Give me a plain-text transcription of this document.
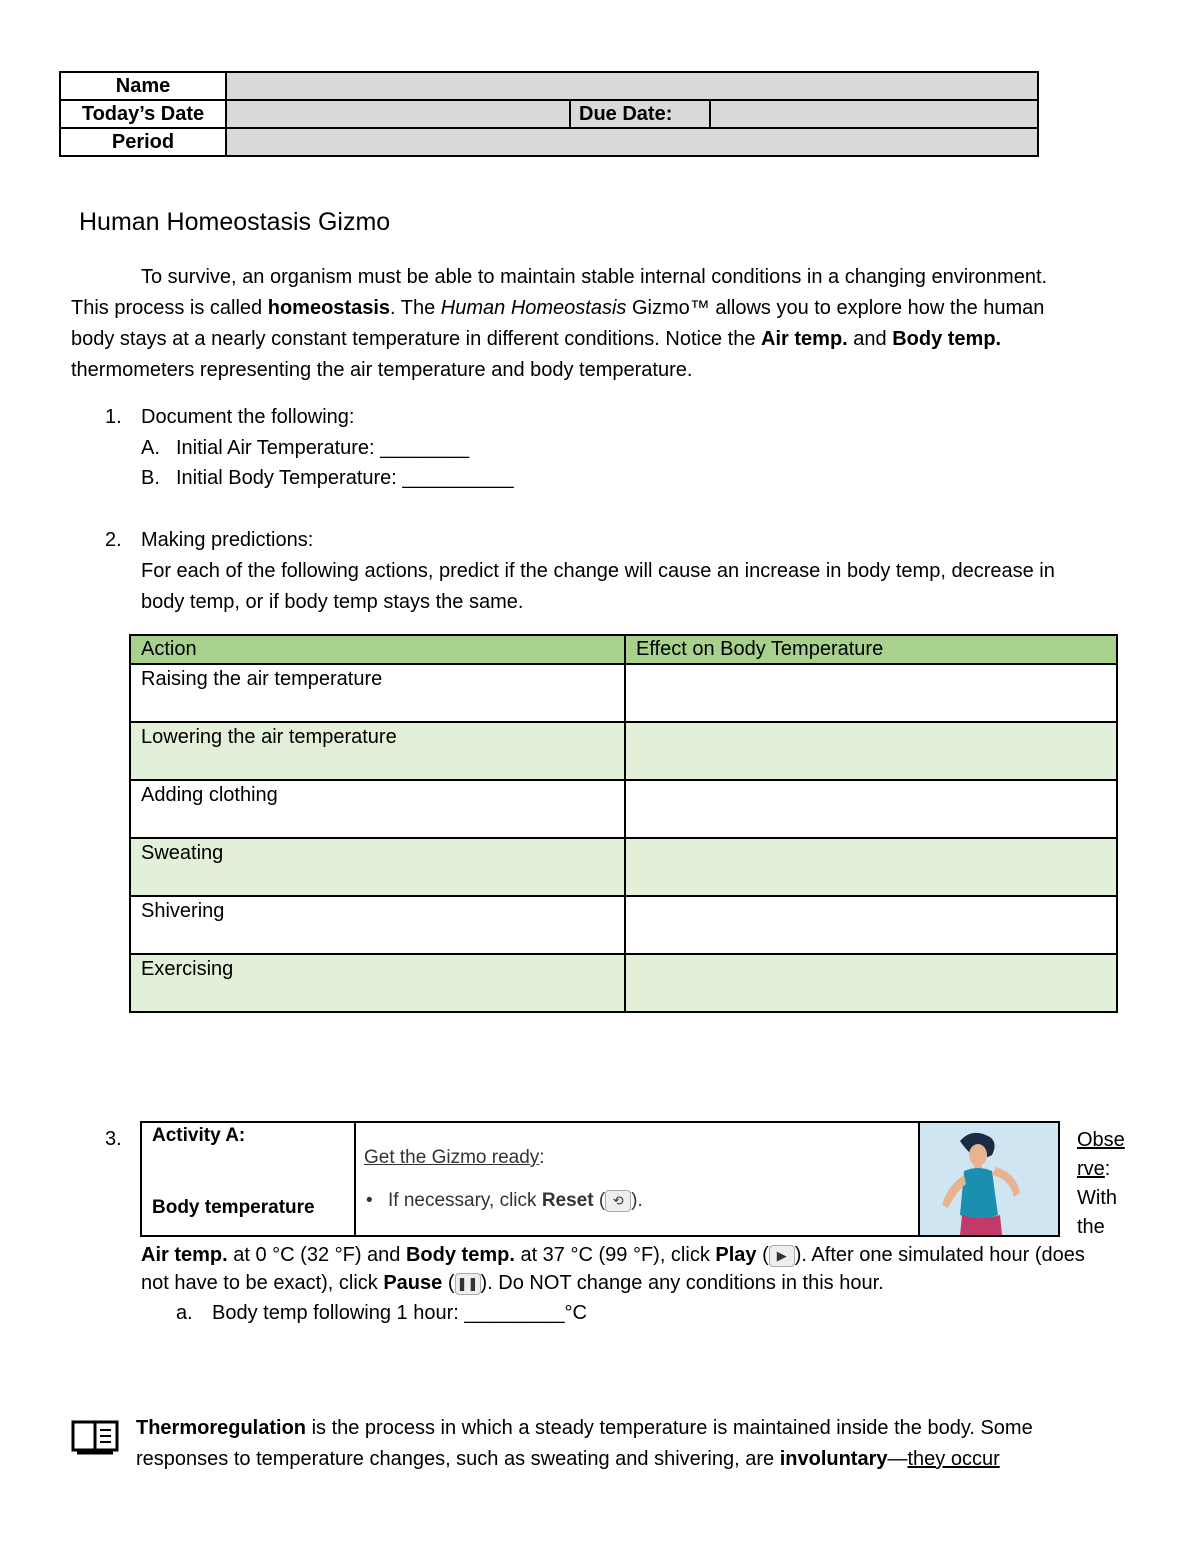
Name			
Today’s Date		Due Date:	
Period			
Human Homeostasis Gizmo
To survive, an organism must be able to maintain stable internal conditions in a changing environment.
This process is called homeostasis. The Human Homeostasis Gizmo™ allows you to explore how the human
body stays at a nearly constant temperature in different conditions. Notice the Air temp. and Body temp.
thermometers representing the air temperature and body temperature.
1. Document the following:
A. Initial Air Temperature: ________
B. Initial Body Temperature: __________
2. Making predictions:
For each of the following actions, predict if the change will cause an increase in body temp, decrease in
body temp, or if body temp stays the same.
Action	Effect on Body Temperature
Raising the air temperature	
Lowering the air temperature	
Adding clothing	
Sweating	
Shivering	
Exercising	
3. Activity A:
Body temperature
Get the Gizmo ready:
• If necessary, click Reset ( ⟲ ).
Obse
rve:
With
the
Air temp. at 0 °C (32 °F) and Body temp. at 37 °C (99 °F), click Play ( ▶ ). After one simulated hour (does
not have to be exact), click Pause ( ❚❚ ). Do NOT change any conditions in this hour.
a. Body temp following 1 hour: _________°C
Thermoregulation is the process in which a steady temperature is maintained inside the body. Some
responses to temperature changes, such as sweating and shivering, are involuntary—they occur
